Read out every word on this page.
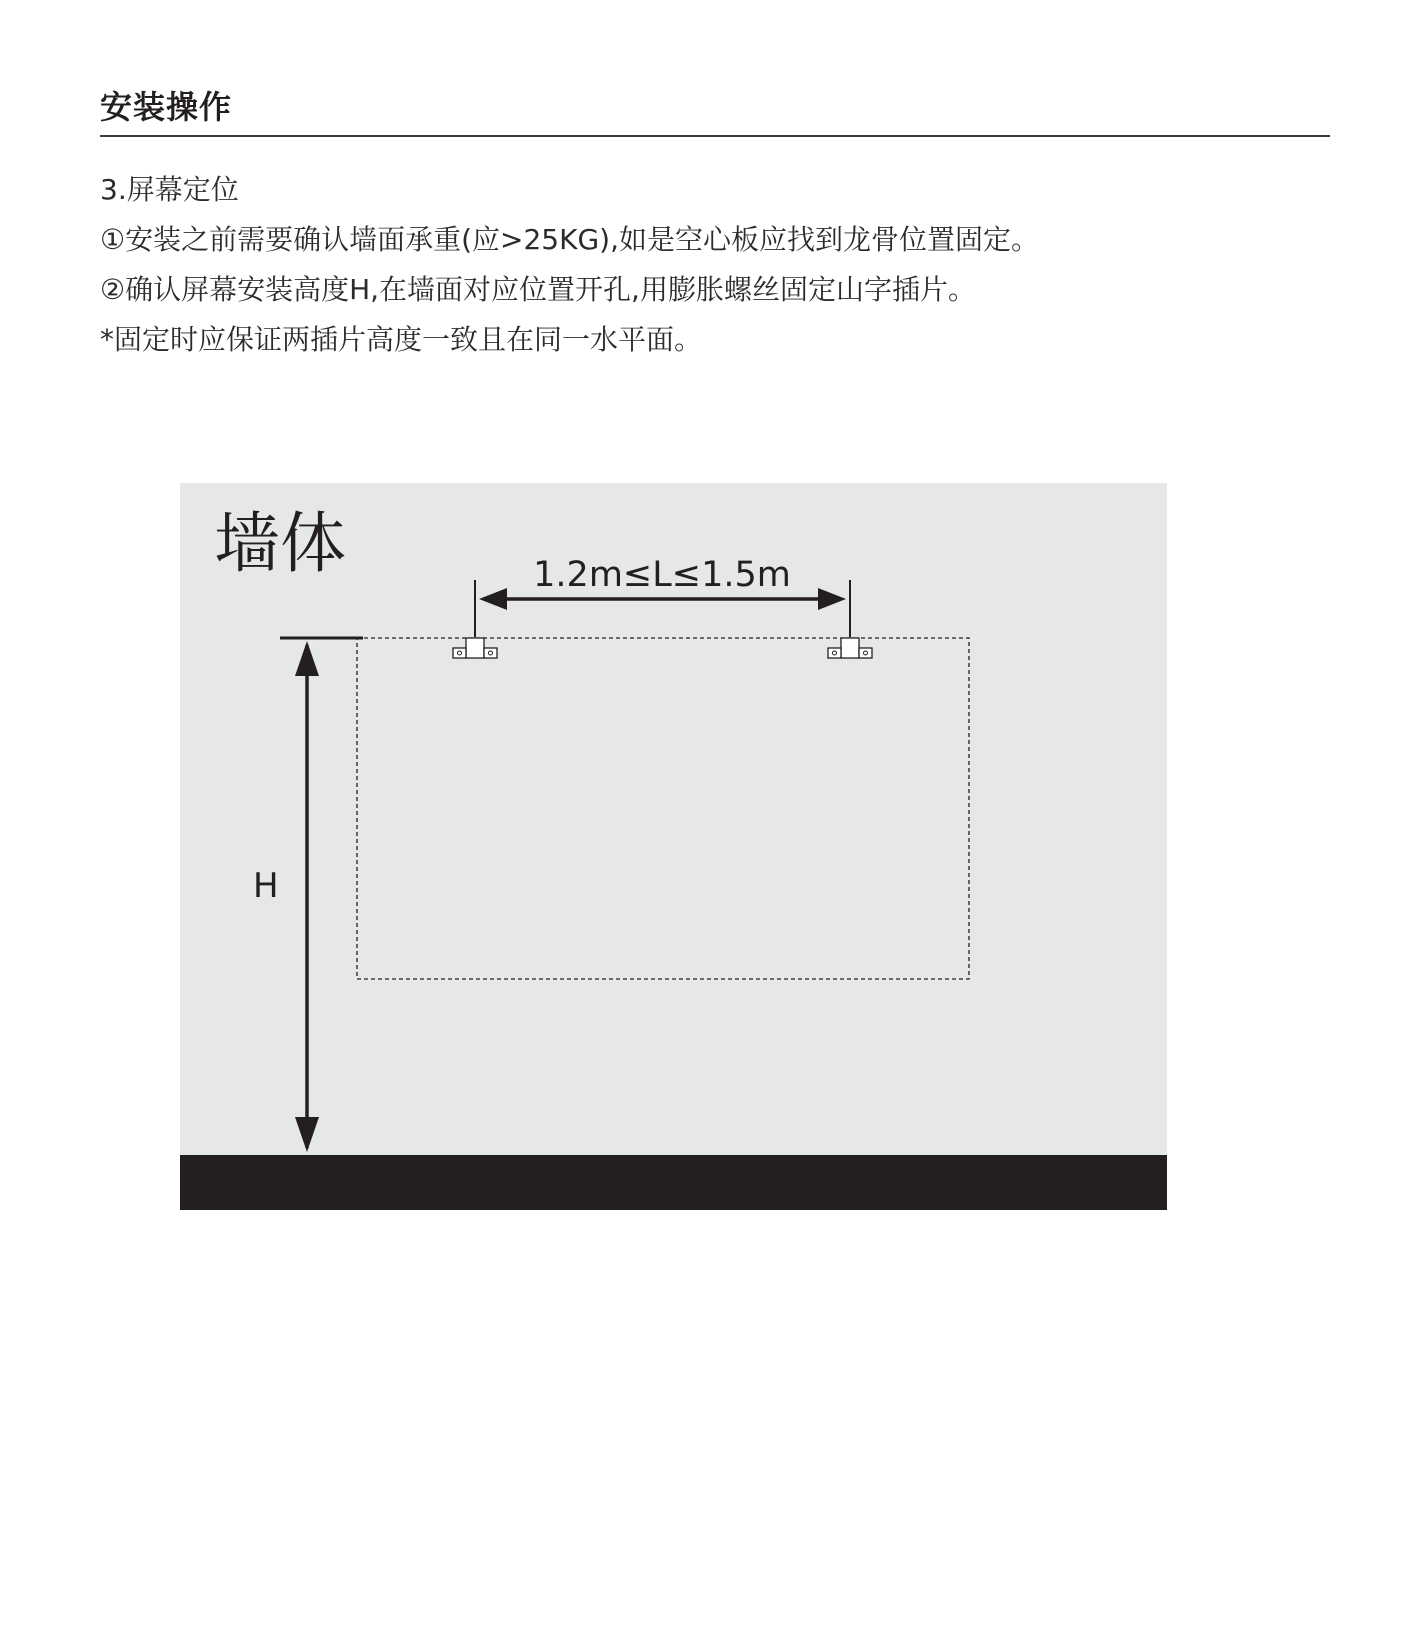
安装操作
3.屏幕定位
①安装之前需要确认墙面承重(应>25KG),如是空心板应找到龙骨位置固定。
②确认屏幕安装高度H,在墙面对应位置开孔,用膨胀螺丝固定山字插片。
*固定时应保证两插片高度一致且在同一水平面。
墙体
H
1.2m≤L≤1.5m
